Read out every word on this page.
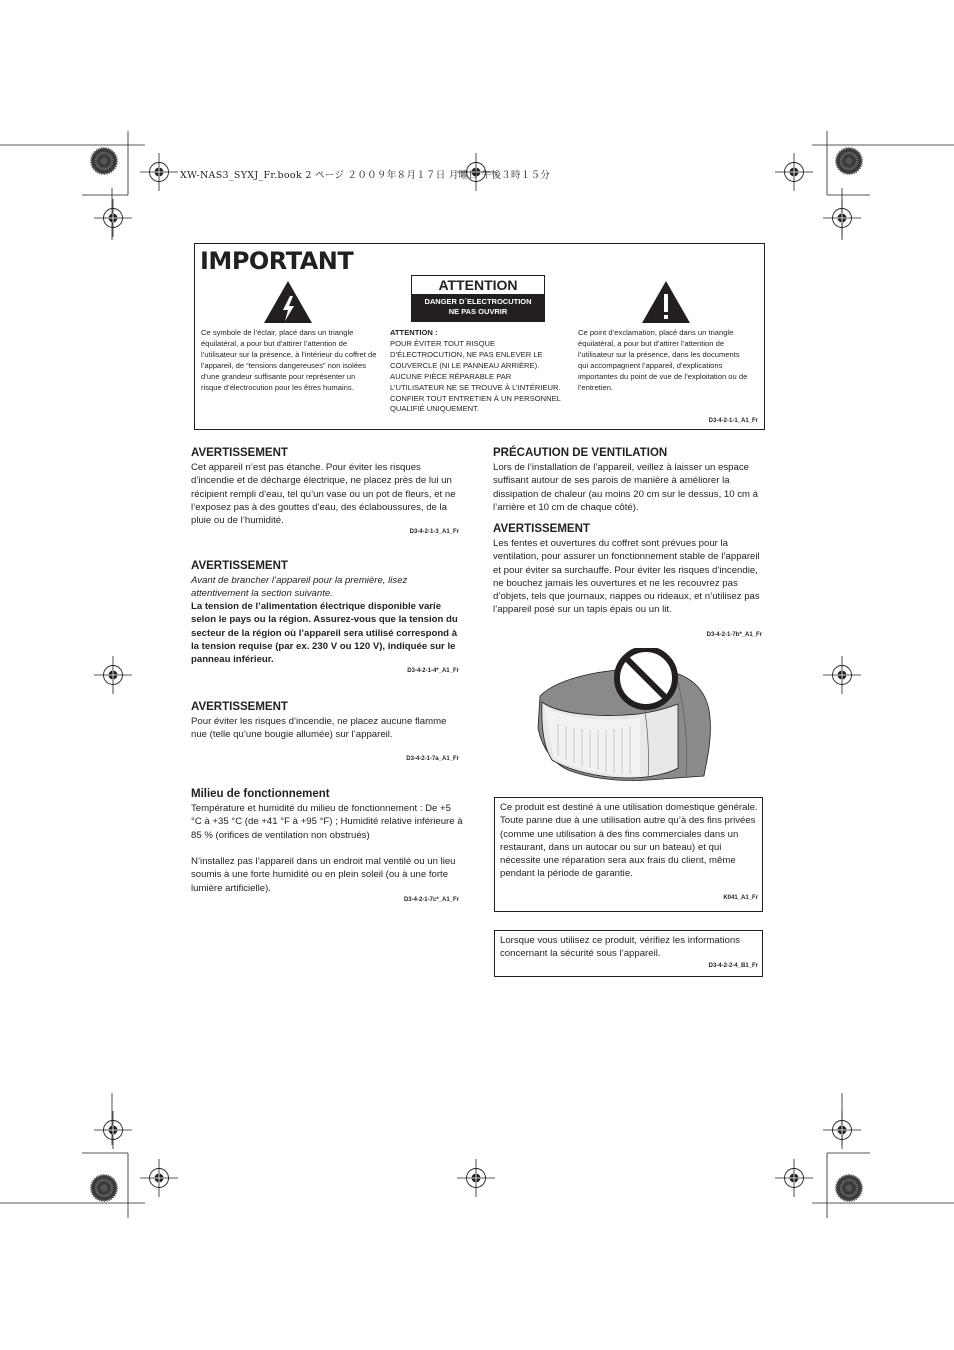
XW-NAS3_SYXJ_Fr.book 2 ページ ２００９年８月１７日 月曜日 午後３時１５分
IMPORTANT
Ce symbole de l’éclair, placé dans un triangle équilatéral, a pour but d’attirer l’attention de l’utilisateur sur la présence, à l’intérieur du coffret de l’appareil, de “tensions dangereuses” non isolées d’une grandeur suffisante pour représenter un risque d’électrocution pour les êtres humains.
ATTENTION
DANGER D´ELECTROCUTION
NE PAS OUVRIR
ATTENTION :
POUR ÉVITER TOUT RISQUE D’ÉLECTROCUTION, NE PAS ENLEVER LE COUVERCLE (NI LE PANNEAU ARRIÈRE). AUCUNE PIÈCE RÉPARABLE PAR L’UTILISATEUR NE SE TROUVE À L’INTÉRIEUR. CONFIER TOUT ENTRETIEN À UN PERSONNEL QUALIFIÉ UNIQUEMENT.
Ce point d’exclamation, placé dans un triangle équilatéral, a pour but d’attirer l’attention de l’utilisateur sur la présence, dans les documents qui accompagnent l’appareil, d’explications importantes du point de vue de l’exploitation ou de l’entretien.
D3-4-2-1-1_A1_Fr
AVERTISSEMENT
Cet appareil n’est pas étanche. Pour éviter les risques d’incendie et de décharge électrique, ne placez près de lui un récipient rempli d’eau, tel qu’un vase ou un pot de fleurs, et ne l’exposez pas à des gouttes d’eau, des éclaboussures, de la pluie ou de l’humidité.
D3-4-2-1-3_A1_Fr
AVERTISSEMENT
Avant de brancher l’appareil pour la première, lisez attentivement la section suivante.
La tension de l’alimentation électrique disponible varie selon le pays ou la région. Assurez-vous que la tension du secteur de la région où l’appareil sera utilisé correspond à la tension requise (par ex. 230 V ou 120 V), indiquée sur le panneau inférieur.
D3-4-2-1-4*_A1_Fr
AVERTISSEMENT
Pour éviter les risques d’incendie, ne placez aucune flamme nue (telle qu’une bougie allumée) sur l’appareil.
D3-4-2-1-7a_A1_Fr
Milieu de fonctionnement
Température et humidité du milieu de fonctionnement : De +5 °C à +35 °C (de +41 °F à +95 °F) ; Humidité relative inférieure à 85 % (orifices de ventilation non obstrués)
N’installez pas l’appareil dans un endroit mal ventilé ou un lieu soumis à une forte humidité ou en plein soleil (ou à une forte lumière artificielle).
D3-4-2-1-7c*_A1_Fr
PRÉCAUTION DE VENTILATION
Lors de l’installation de l’appareil, veillez à laisser un espace suffisant autour de ses parois de manière à améliorer la dissipation de chaleur (au moins 20 cm sur le dessus, 10 cm à l’arrière et 10 cm de chaque côté).
AVERTISSEMENT
Les fentes et ouvertures du coffret sont prévues pour la ventilation, pour assurer un fonctionnement stable de l’appareil et pour éviter sa surchauffe. Pour éviter les risques d’incendie, ne bouchez jamais les ouvertures et ne les recouvrez pas d’objets, tels que journaux, nappes ou rideaux, et n’utilisez pas l’appareil posé sur un tapis épais ou un lit.
D3-4-2-1-7b*_A1_Fr
Ce produit est destiné à une utilisation domestique générale. Toute panne due à une utilisation autre qu’à des fins privées (comme une utilisation à des fins commerciales dans un restaurant, dans un autocar ou sur un bateau) et qui nécessite une réparation sera aux frais du client, même pendant la période de garantie.
K041_A1_Fr
Lorsque vous utilisez ce produit, vérifiez les informations concernant la sécurité sous l’appareil.
D3-4-2-2-4_B1_Fr
